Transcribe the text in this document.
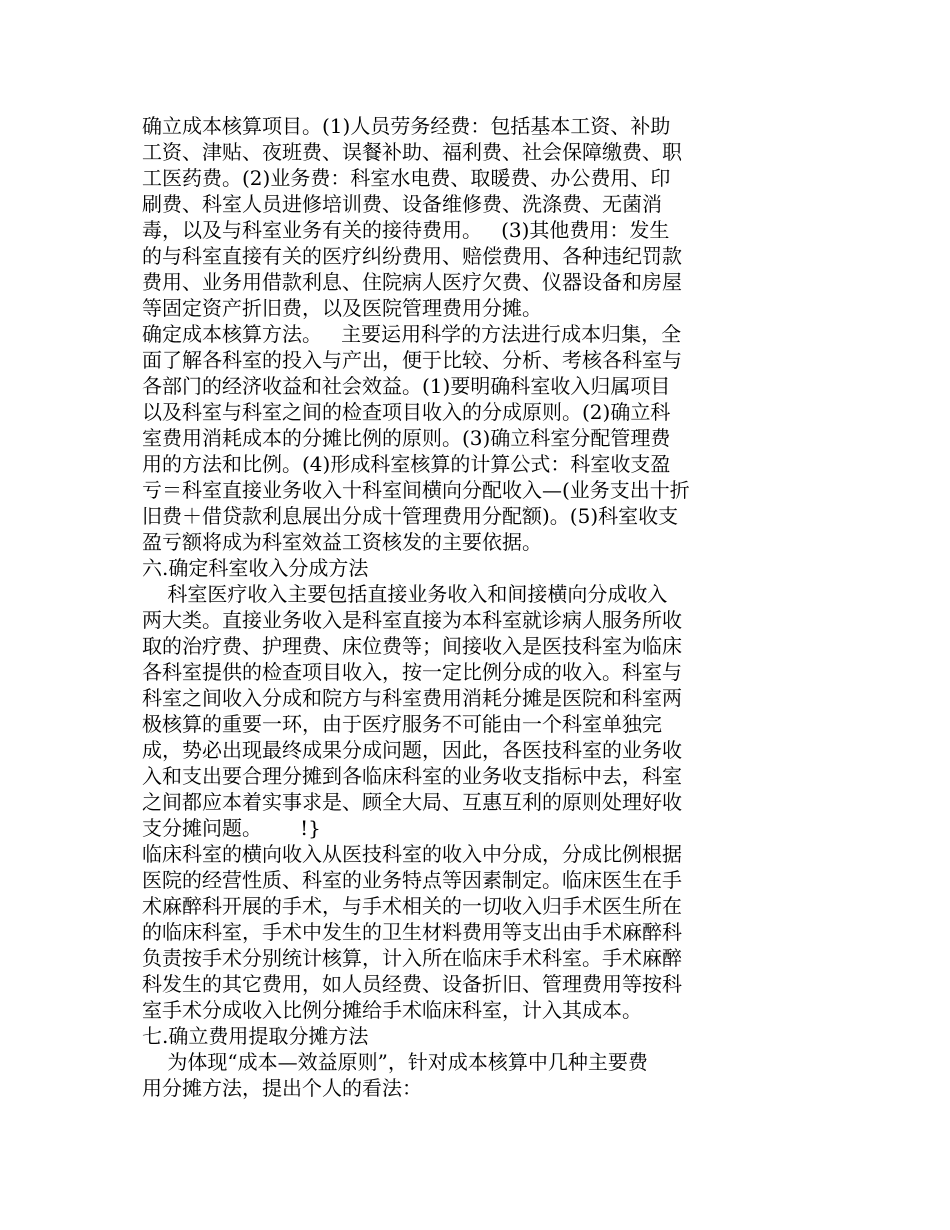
确立成本核算项目。(1)人员劳务经费：包括基本工资、补助

工资、津贴、夜班费、误餐补助、福利费、社会保障缴费、职

工医药费。(2)业务费：科室水电费、取暖费、办公费用、印

刷费、科室人员进修培训费、设备维修费、洗涤费、无菌消

毒，以及与科室业务有关的接待费用。   (3)其他费用：发生

的与科室直接有关的医疗纠纷费用、赔偿费用、各种违纪罚款

费用、业务用借款利息、住院病人医疗欠费、仪器设备和房屋

等固定资产折旧费，以及医院管理费用分摊。

确定成本核算方法。   主要运用科学的方法进行成本归集，全

面了解各科室的投入与产出，便于比较、分析、考核各科室与

各部门的经济收益和社会效益。(1)要明确科室收入归属项目

以及科室与科室之间的检查项目收入的分成原则。(2)确立科

室费用消耗成本的分摊比例的原则。(3)确立科室分配管理费

用的方法和比例。(4)形成科室核算的计算公式：科室收支盈

亏＝科室直接业务收入十科室间横向分配收入—(业务支出十折

旧费＋借贷款利息展出分成十管理费用分配额)。(5)科室收支

盈亏额将成为科室效益工资核发的主要依据。

六.确定科室收入分成方法

科室医疗收入主要包括直接业务收入和间接横向分成收入

两大类。直接业务收入是科室直接为本科室就诊病人服务所收

取的治疗费、护理费、床位费等；间接收入是医技科室为临床

各科室提供的检查项目收入，按一定比例分成的收入。科室与

科室之间收入分成和院方与科室费用消耗分摊是医院和科室两

极核算的重要一环，由于医疗服务不可能由一个科室单独完

成，势必出现最终成果分成问题，因此，各医技科室的业务收

入和支出要合理分摊到各临床科室的业务收支指标中去，科室

之间都应本着实事求是、顾全大局、互惠互利的原则处理好收

支分摊问题。      !}

临床科室的横向收入从医技科室的收入中分成，分成比例根据

医院的经营性质、科室的业务特点等因素制定。临床医生在手

术麻醉科开展的手术，与手术相关的一切收入归手术医生所在

的临床科室，手术中发生的卫生材料费用等支出由手术麻醉科

负责按手术分别统计核算，计入所在临床手术科室。手术麻醉

科发生的其它费用，如人员经费、设备折旧、管理费用等按科

室手术分成收入比例分摊给手术临床科室，计入其成本。

七.确立费用提取分摊方法

为体现“成本—效益原则”，针对成本核算中几种主要费

用分摊方法，提出个人的看法：
